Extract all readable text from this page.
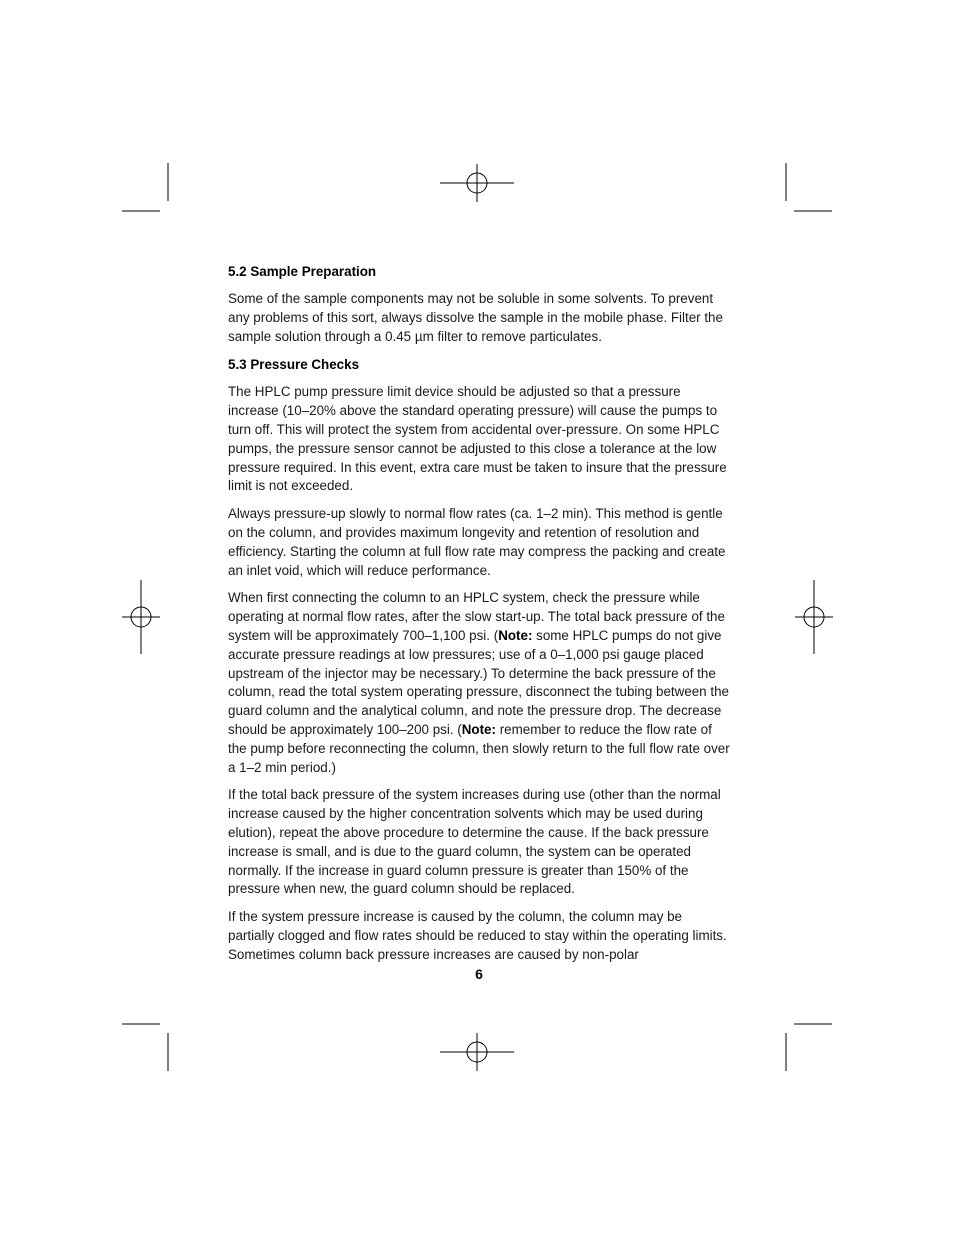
5.2 Sample Preparation

Some of the sample components may not be soluble in some solvents. To prevent any problems of this sort, always dissolve the sample in the mobile phase. Filter the sample solution through a 0.45 µm filter to remove particulates.

5.3 Pressure Checks

The HPLC pump pressure limit device should be adjusted so that a pressure increase (10–20% above the standard operating pressure) will cause the pumps to turn off. This will protect the system from accidental over-pressure. On some HPLC pumps, the pressure sensor cannot be adjusted to this close a tolerance at the low pressure required. In this event, extra care must be taken to insure that the pressure limit is not exceeded.

Always pressure-up slowly to normal flow rates (ca. 1–2 min). This method is gentle on the column, and provides maximum longevity and retention of resolution and efficiency. Starting the column at full flow rate may compress the packing and create an inlet void, which will reduce performance.

When first connecting the column to an HPLC system, check the pressure while operating at normal flow rates, after the slow start-up. The total back pressure of the system will be approximately 700–1,100 psi. (Note: some HPLC pumps do not give accurate pressure readings at low pressures; use of a 0–1,000 psi gauge placed upstream of the injector may be necessary.) To determine the back pressure of the column, read the total system operating pressure, disconnect the tubing between the guard column and the analytical column, and note the pressure drop. The decrease should be approximately 100–200 psi. (Note: remember to reduce the flow rate of the pump before reconnecting the column, then slowly return to the full flow rate over a 1–2 min period.)

If the total back pressure of the system increases during use (other than the normal increase caused by the higher concentration solvents which may be used during elution), repeat the above procedure to determine the cause. If the back pressure increase is small, and is due to the guard column, the system can be operated normally. If the increase in guard column pressure is greater than 150% of the pressure when new, the guard column should be replaced.

If the system pressure increase is caused by the column, the column may be partially clogged and flow rates should be reduced to stay within the operating limits. Sometimes column back pressure increases are caused by non-polar

6
